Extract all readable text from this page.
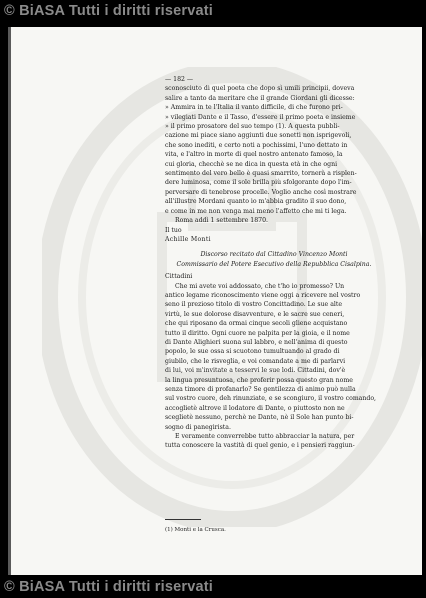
© BiASA Tutti i diritti riservati

— 182 —

sconosciuto di quel poeta che dopo sì umili principii, doveva

salire a tanto da meritare che il grande Giordani gli dicesse:

» Ammira in te l'Italia il vanto difficile, di che furono pri-

» vilegiati Dante e il Tasso, d'essere il primo poeta e insieme

» il primo prosatore del suo tempo (1). A questa pubbli-

cazione mi piace siano aggiunti due sonetti non isprigevoli,

che sono inediti, e certo noti a pochissimi, l'uno dettato in

vita, e l'altro in morte di quel nostro antenato famoso, la

cui gloria, checchè se ne dica in questa età in che ogni

sentimento del vero bello è quasi smarrito, tornerà a risplen-

dere luminosa, come il sole brilla più sfolgorante dopo l'im-

perversare di tenebrose procelle. Voglio anche così mostrare

all'illustre Mordani quanto io m'abbia gradito il suo dono,

e come in me non venga mai meno l'affetto che mi ti lega.

Roma addì 1 settembre 1870.

Il tuo

Achille Monti

Discorso recitato dal Cittadino Vincenzo Monti

Commissario del Potere Esecutivo della Repubblica Cisalpina.

Cittadini

Che mi avete voi addossato, che t'ho io promesso? Un

antico legame riconoscimento viene oggi a ricevere nel vostro

seno il prezioso titolo di vostro Concittadino. Le sue alte

virtù, le sue dolorose disavventure, e le sacre sue ceneri,

che qui riposano da ormai cinque secoli gliene acquistano

tutto il diritto. Ogni cuore ne palpita per la gioia, e il nome

di Dante Alighieri suona sul labbro, e nell'anima di questo

popolo, le sue ossa si scuotono tumultuando al grado di

giubilo, che le risveglia, e voi comandate a me di parlarvi

di lui, voi m'invitate a tesservi le sue lodi. Cittadini, dov'è

la lingua presuntuosa, che proferir possa questo gran nome

senza timore di profanarlo? Se gentilezza di animo può nulla

sul vostro cuore, deh rinunziate, e se scongiuro, il vostro comando,

accoglietè altrove il lodatore di Dante, o piuttosto non ne

sceglietè nessuno, perchè ne Dante, nè il Sole han punto bi-

sogno di panegirista.

E veramente converrebbe tutto abbracciar la natura, per

tutta conoscere la vastità di quel genio, e i pensieri raggiun-

(1) Monti e la Crusca.

© BiASA Tutti i diritti riservati
